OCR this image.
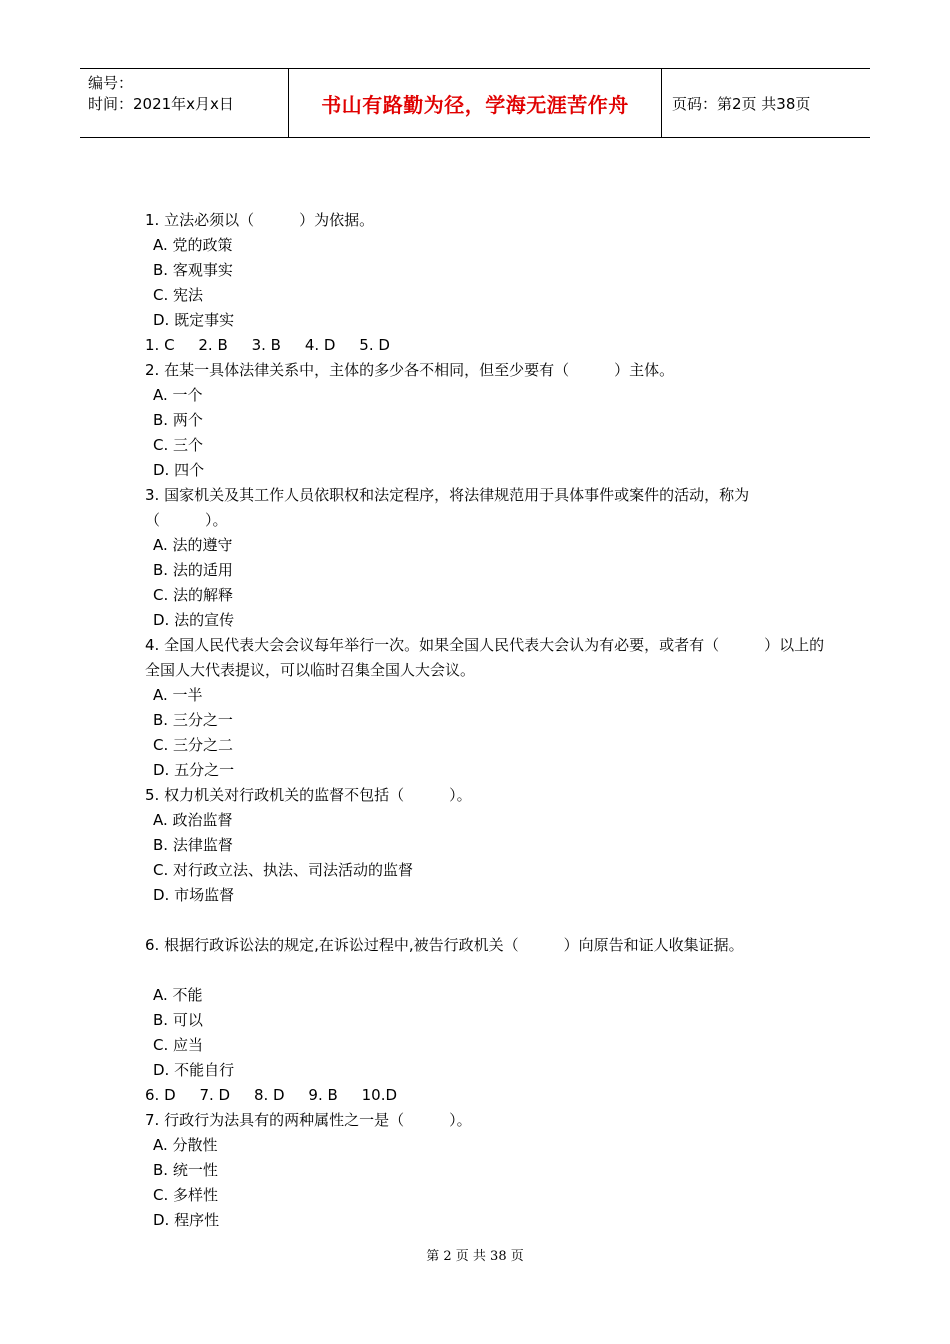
编号：
时间：2021年x月x日	书山有路勤为径，学海无涯苦作舟	页码：第2页 共38页

1. 立法必须以（　　　）为依据。

A. 党的政策

B. 客观事实

C. 宪法

D. 既定事实

1. C     2. B     3. B     4. D     5. D

2. 在某一具体法律关系中，主体的多少各不相同，但至少要有（　　　）主体。

A. 一个

B. 两个

C. 三个

D. 四个

3. 国家机关及其工作人员依职权和法定程序，将法律规范用于具体事件或案件的活动，称为（　　　）。

A. 法的遵守

B. 法的适用

C. 法的解释

D. 法的宣传

4. 全国人民代表大会会议每年举行一次。如果全国人民代表大会认为有必要，或者有（　　　）以上的全国人大代表提议，可以临时召集全国人大会议。

A. 一半

B. 三分之一

C. 三分之二

D. 五分之一

5. 权力机关对行政机关的监督不包括（　　　）。

A. 政治监督

B. 法律监督

C. 对行政立法、执法、司法活动的监督

D. 市场监督

6. 根据行政诉讼法的规定,在诉讼过程中,被告行政机关（　　　）向原告和证人收集证据。

A. 不能

B. 可以

C. 应当

D. 不能自行

6. D     7. D     8. D     9. B     10.D

7. 行政行为法具有的两种属性之一是（　　　）。

A. 分散性

B. 统一性

C. 多样性

D. 程序性

第 2 页 共 38 页
